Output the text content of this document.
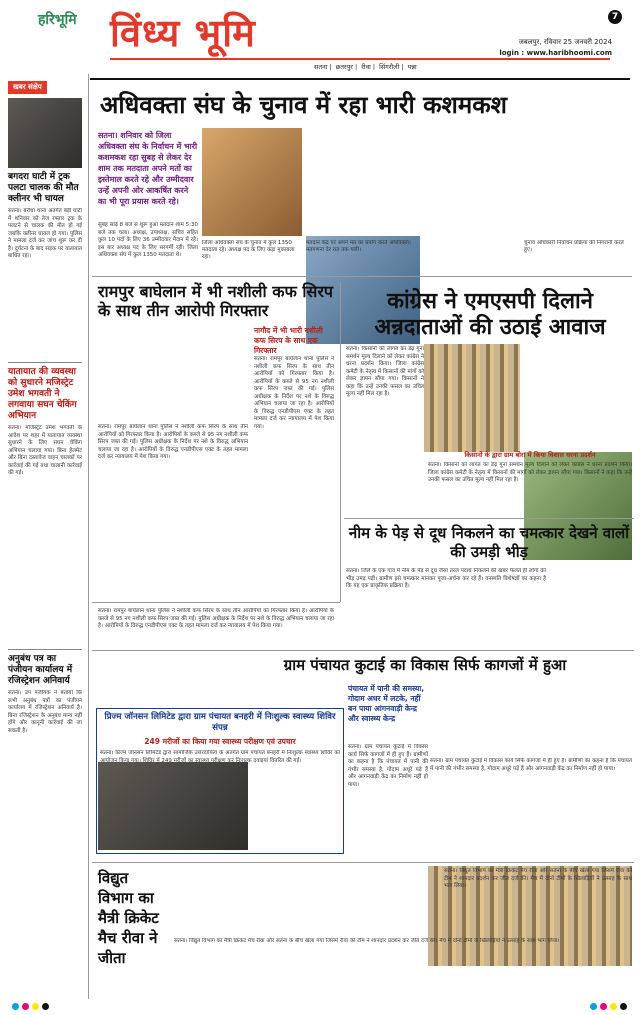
हरिभूमि विंध्य भूमि	7
जबलपुर, रविवार 25 जनवरी 2024
login : www.haribhoomi.com
सतना | छतरपुर | रीवा | सिंगरौली | पन्ना
खबर संक्षेप
बगदरा घाटी में ट्रक पलटा चालक की मौत क्लीनर भी घायल
सतना। बरौंधा थाना अंतर्गत बड़ी घाटी में शनिवार को तेज रफ्तार ट्रक के पलटने से चालक की मौत हो गई जबकि क्लीनर घायल हो गया। पुलिस ने मामला दर्ज कर जांच शुरू कर दी है। दुर्घटना के बाद सड़क पर यातायात बाधित रहा।
यातायात की व्यवस्था को सुधारने मजिस्ट्रेट उमेश भगवती ने लगवाया सघन चेकिंग अभियान
सतना। मजिस्ट्रेट उमेश भगवती के आदेश पर शहर में यातायात व्यवस्था सुधारने के लिए सघन चेकिंग अभियान चलाया गया। बिना हेलमेट और बिना दस्तावेज वाहन चालकों पर कार्रवाई की गई तथा चालानी कार्रवाई की गई।
अनुबंध पत्र का पंजीयन कार्यालय में रजिस्ट्रेशन अनिवार्य
सतना। उप पंजीयक ने बताया कि सभी अनुबंध पत्रों का पंजीयन कार्यालय में रजिस्ट्रेशन अनिवार्य है। बिना रजिस्ट्रेशन के अनुबंध मान्य नहीं होंगे और कानूनी कार्रवाई की जा सकती है।
अधिवक्ता संघ के चुनाव में रहा भारी कशमकश
सतना। शनिवार को जिला अधिवक्ता संघ के निर्वाचन में भारी कशमकश रहा सुबह से लेकर देर शाम तक मतदाता अपने मतों का इस्तेमाल करते रहे और उम्मीदवार उन्हें अपनी ओर आकर्षित करने का भी पूरा प्रयास करते रहे।
सुबह साढ़े 8 बजे से शुरू हुआ मतदान शाम 5:30 बजे तक चला। अध्यक्ष, उपाध्यक्ष, सचिव सहित कुल 10 पदों के लिए 36 उम्मीदवार मैदान में रहे। इस बार अध्यक्ष पद के लिए सरगर्मी रही। जिला अधिवक्ता संघ में कुल 1350 मतदाता थे।
जिला अधिवक्ता संघ के चुनाव में कुल 1350 मतदाता रहे। अध्यक्ष पद के लिए कड़ा मुकाबला रहा।
मतदान केंद्र पर अपने मत का प्रयोग करते अधिवक्ता। मतगणना देर रात तक चली।
चुनाव अधिकारी निर्वाचन प्रक्रिया की निगरानी करते हुए।
रामपुर बाघेलान में भी नशीली कफ सिरप के साथ तीन आरोपी गिरफ्तार
नागौद में भी भारी नशीली कफ सिरप के साथ एक गिरफ्तार
सतना। रामपुर बाघेलान थाना पुलिस ने नशीली कफ सिरप के साथ तीन आरोपियों को गिरफ्तार किया है। आरोपियों के कब्जे से 95 नग नशीली कफ सिरप जब्त की गई। पुलिस अधीक्षक के निर्देश पर नशे के विरुद्ध अभियान चलाया जा रहा है। आरोपियों के विरुद्ध एनडीपीएस एक्ट के तहत मामला दर्ज कर न्यायालय में पेश किया गया।
सतना। रामपुर बाघेलान थाना पुलिस ने नशीली कफ सिरप के साथ तीन आरोपियों को गिरफ्तार किया है। आरोपियों के कब्जे से 95 नग नशीली कफ सिरप जब्त की गई। पुलिस अधीक्षक के निर्देश पर नशे के विरुद्ध अभियान चलाया जा रहा है। आरोपियों के विरुद्ध एनडीपीएस एक्ट के तहत मामला दर्ज कर न्यायालय में पेश किया गया।
कांग्रेस ने एमएसपी दिलाने अन्नदाताओं की उठाई आवाज
सतना। किसानों को लागत का डेढ़ गुना समर्थन मूल्य दिलाने को लेकर कांग्रेस ने धरना प्रदर्शन किया। जिला कांग्रेस कमेटी के नेतृत्व में किसानों की मांगों को लेकर ज्ञापन सौंपा गया। किसानों ने कहा कि उन्हें उनकी फसल का उचित मूल्य नहीं मिल रहा है।
किसानों के द्वारा ग्राम बोरा में किया विशाल धरना प्रदर्शन
सतना। किसानों को लागत का डेढ़ गुना समर्थन मूल्य दिलाने को लेकर कांग्रेस ने धरना प्रदर्शन किया। जिला कांग्रेस कमेटी के नेतृत्व में किसानों की मांगों को लेकर ज्ञापन सौंपा गया। किसानों ने कहा कि उन्हें उनकी फसल का उचित मूल्य नहीं मिल रहा है।
नीम के पेड़ से दूध निकलने का चमत्कार देखने वालों की उमड़ी भीड़
सतना। जिले के एक गांव में नीम के पेड़ से दूध जैसा तरल पदार्थ निकलने की खबर फैलते ही लोगों की भीड़ उमड़ पड़ी। ग्रामीण इसे चमत्कार मानकर पूजा-अर्चना कर रहे हैं। वनस्पति विशेषज्ञों का कहना है कि यह एक प्राकृतिक प्रक्रिया है।
ग्राम पंचायत कुटाई का विकास सिर्फ कागजों में हुआ
सतना। रामपुर बाघेलान थाना पुलिस ने नशीली कफ सिरप के साथ तीन आरोपियों को गिरफ्तार किया है। आरोपियों के कब्जे से 95 नग नशीली कफ सिरप जब्त की गई। पुलिस अधीक्षक के निर्देश पर नशे के विरुद्ध अभियान चलाया जा रहा है। आरोपियों के विरुद्ध एनडीपीएस एक्ट के तहत मामला दर्ज कर न्यायालय में पेश किया गया।
पंचायत में पानी की समस्या, गोदाम अधर में लटके, नहीं बन पाया आंगनवाड़ी केन्द्र और स्वास्थ्य केन्द्र
सतना। ग्राम पंचायत कुटाई में विकास कार्य सिर्फ कागजों में ही हुए हैं। ग्रामीणों का कहना है कि पंचायत में पानी की गंभीर समस्या है, गोदाम अधूरे पड़े हैं और आंगनवाड़ी केंद्र का निर्माण नहीं हो पाया।
सतना। ग्राम पंचायत कुटाई में विकास कार्य सिर्फ कागजों में ही हुए हैं। ग्रामीणों का कहना है कि पंचायत में पानी की गंभीर समस्या है, गोदाम अधूरे पड़े हैं और आंगनवाड़ी केंद्र का निर्माण नहीं हो पाया।
प्रिज्म जॉनसन लिमिटेड द्वारा ग्राम पंचायत बनहरी में निःशुल्क स्वास्थ्य शिविर संपन्न
249 मरीजों का किया गया स्वास्थ्य परीक्षण एवं उपचार
सतना। प्रिज्म जॉनसन लिमिटेड द्वारा सामाजिक उत्तरदायित्व के अंतर्गत ग्राम पंचायत बनहरी में निःशुल्क स्वास्थ्य शिविर का आयोजन किया गया। शिविर में 249 मरीजों का स्वास्थ्य परीक्षण कर निःशुल्क दवाइयां वितरित की गईं।
विद्युत विभाग का मैत्री क्रिकेट मैच रीवा ने जीता
सतना। विद्युत विभाग का मैत्री क्रिकेट मैच रीवा और सतना के बीच खेला गया जिसमें रीवा की टीम ने शानदार प्रदर्शन कर जीत दर्ज की। मैच में दोनों टीमों के खिलाड़ियों ने उत्साह के साथ भाग लिया।
सतना। विद्युत विभाग का मैत्री क्रिकेट मैच रीवा और सतना के बीच खेला गया जिसमें रीवा की टीम ने शानदार प्रदर्शन कर जीत दर्ज की। मैच में दोनों टीमों के खिलाड़ियों ने उत्साह के साथ भाग लिया।
